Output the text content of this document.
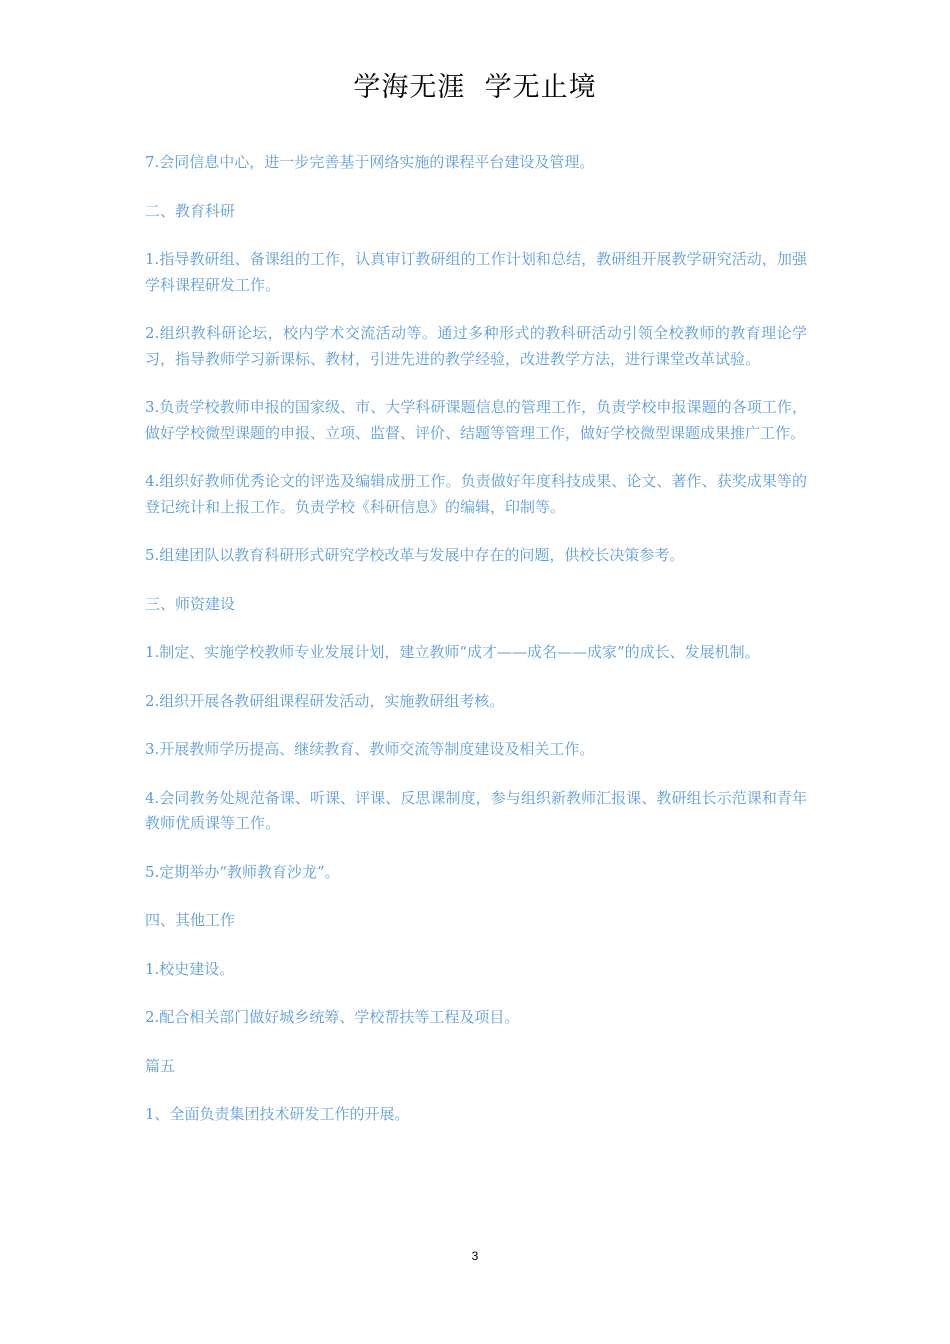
学海无涯  学无止境

7.会同信息中心，进一步完善基于网络实施的课程平台建设及管理。

二、教育科研

1.指导教研组、备课组的工作，认真审订教研组的工作计划和总结，教研组开展教学研究活动，加强学科课程研发工作。

2.组织教科研论坛，校内学术交流活动等。通过多种形式的教科研活动引领全校教师的教育理论学习，指导教师学习新课标、教材，引进先进的教学经验，改进教学方法，进行课堂改革试验。

3.负责学校教师申报的国家级、市、大学科研课题信息的管理工作，负责学校申报课题的各项工作，做好学校微型课题的申报、立项、监督、评价、结题等管理工作，做好学校微型课题成果推广工作。

4.组织好教师优秀论文的评选及编辑成册工作。负责做好年度科技成果、论文、著作、获奖成果等的登记统计和上报工作。负责学校《科研信息》的编辑，印制等。

5.组建团队以教育科研形式研究学校改革与发展中存在的问题，供校长决策参考。

三、师资建设

1.制定、实施学校教师专业发展计划，建立教师“成才——成名——成家”的成长、发展机制。

2.组织开展各教研组课程研发活动，实施教研组考核。

3.开展教师学历提高、继续教育、教师交流等制度建设及相关工作。

4.会同教务处规范备课、听课、评课、反思课制度，参与组织新教师汇报课、教研组长示范课和青年教师优质课等工作。

5.定期举办“教师教育沙龙”。

四、其他工作

1.校史建设。

2.配合相关部门做好城乡统筹、学校帮扶等工程及项目。

篇五

1、全面负责集团技术研发工作的开展。

3
